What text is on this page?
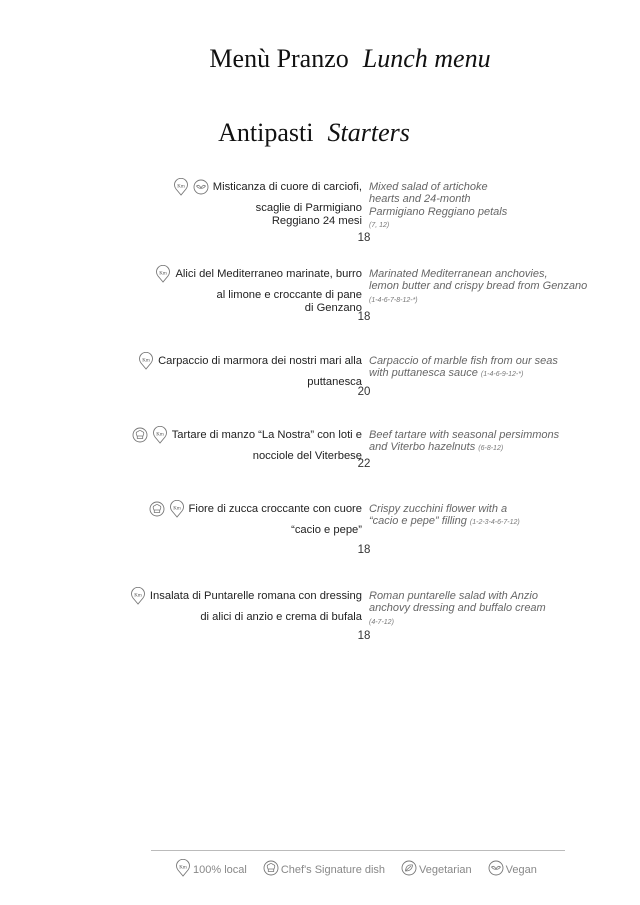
Menù Pranzo Lunch menu
Antipasti Starters
Km	Misticanza di cuore di carciofi,
scaglie di Parmigiano
Reggiano 24 mesi
Mixed salad of artichoke
hearts and 24-month
Parmigiano Reggiano petals
(7, 12)
18
Km Alici del Mediterraneo marinate, burro
al limone e croccante di pane
di Genzano
Marinated Mediterranean anchovies,
lemon butter and crispy bread from Genzano
(1-4-6-7-8-12-*)
18
Km Carpaccio di marmora dei nostri mari alla
puttanesca
Carpaccio of marble fish from our seas
with puttanesca sauce (1-4-6-9-12-*)
20
Km Tartare di manzo “La Nostra” con loti e
nocciole del Viterbese
Beef tartare with seasonal persimmons
and Viterbo hazelnuts (6-8-12)
22
Km Fiore di zucca croccante con cuore
“cacio e pepe”
Crispy zucchini flower with a
“cacio e pepe” filling (1-2-3-4-6-7-12)
18
Km Insalata di Puntarelle romana con dressing
di alici di anzio e crema di bufala
Roman puntarelle salad with Anzio
anchovy dressing and buffalo cream
(4-7-12)
18
Km 100% local	Chef's Signature dish	Vegetarian	Vegan
